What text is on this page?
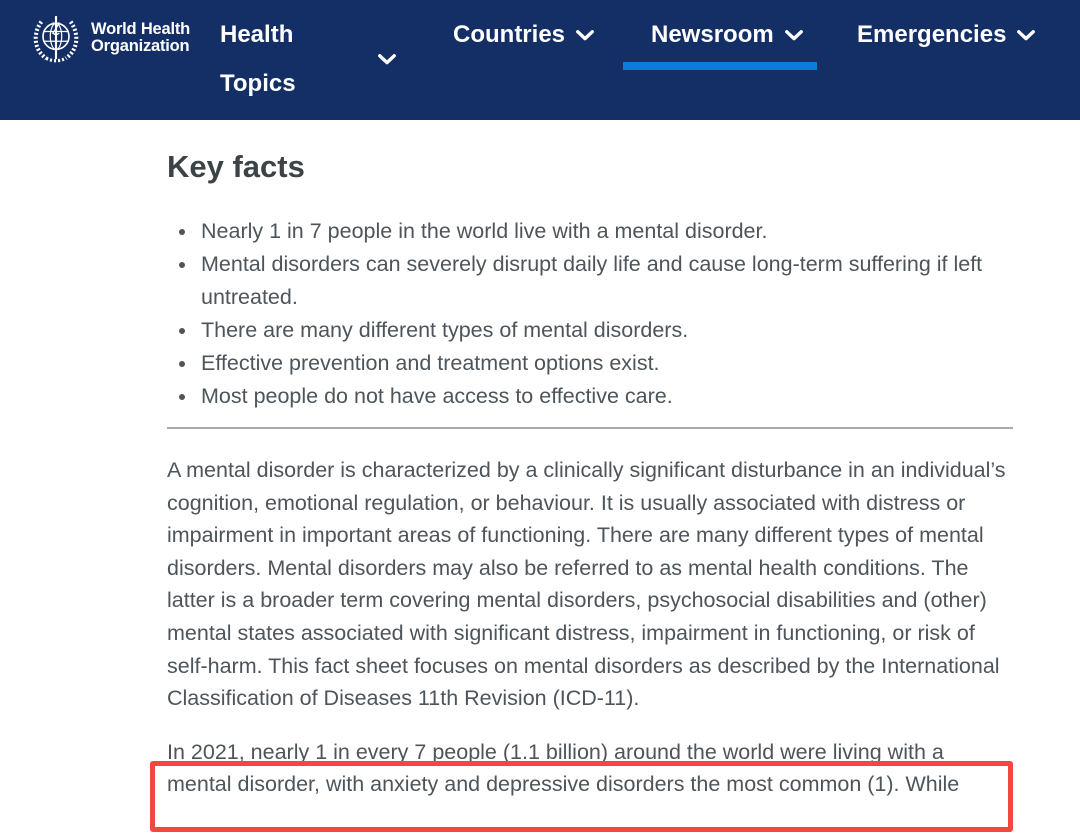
World Health
Organization Health Topics
Countries	Newsroom	Emergencies
Key facts
• Nearly 1 in 7 people in the world live with a mental disorder.
• Mental disorders can severely disrupt daily life and cause long-term suffering if left untreated.
• There are many different types of mental disorders.
• Effective prevention and treatment options exist.
• Most people do not have access to effective care.

A mental disorder is characterized by a clinically significant disturbance in an individual’s cognition, emotional regulation, or behaviour. It is usually associated with distress or impairment in important areas of functioning. There are many different types of mental disorders. Mental disorders may also be referred to as mental health conditions. The latter is a broader term covering mental disorders, psychosocial disabilities and (other) mental states associated with significant distress, impairment in functioning, or risk of self-harm. This fact sheet focuses on mental disorders as described by the International Classification of Diseases 11th Revision (ICD-11).

In 2021, nearly 1 in every 7 people (1.1 billion) around the world were living with a mental disorder, with anxiety and depressive disorders the most common (1). While
